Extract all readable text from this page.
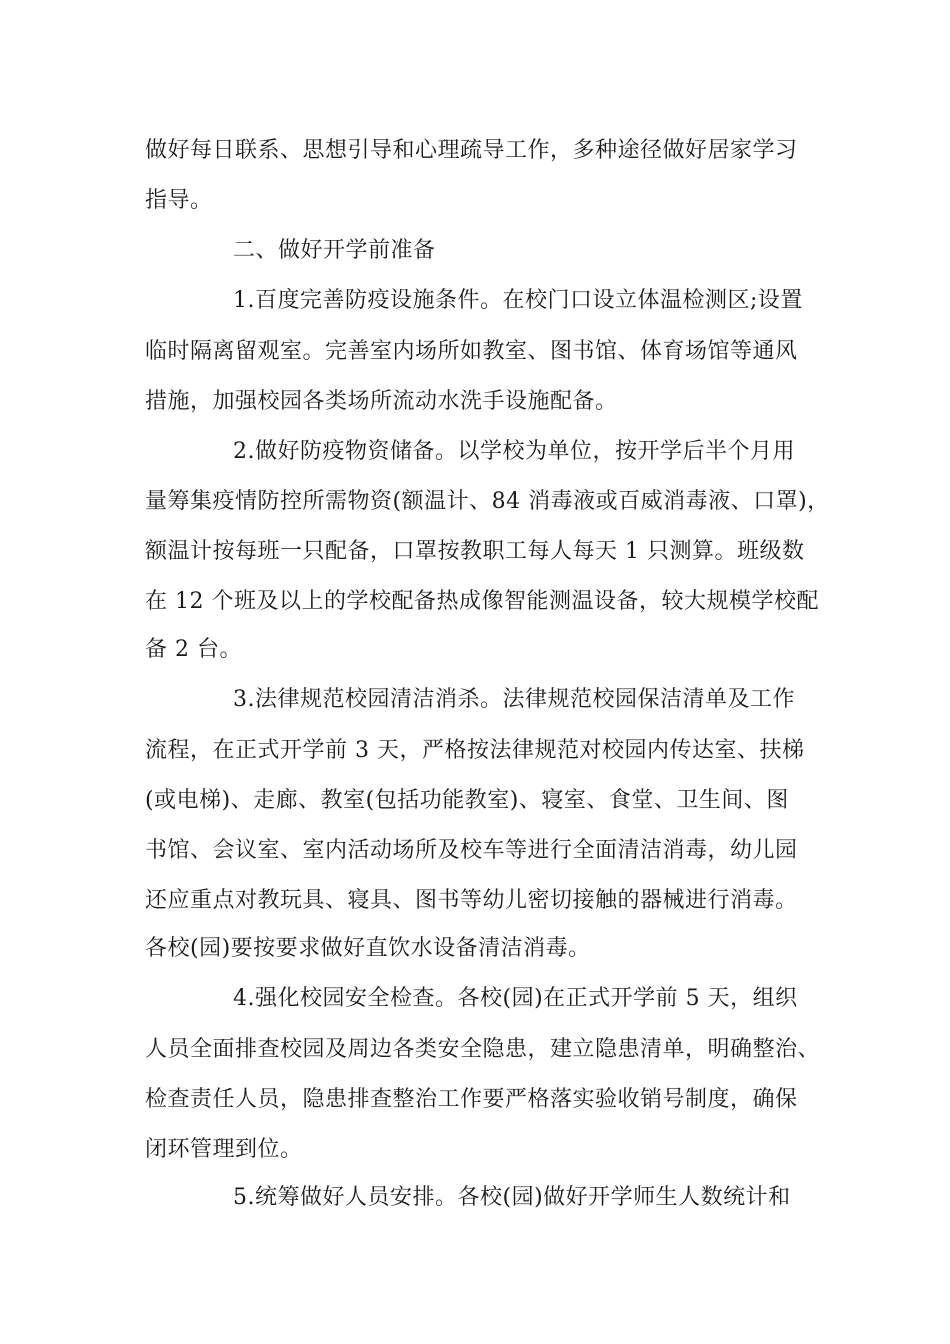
做好每日联系、思想引导和心理疏导工作，多种途径做好居家学习
指导。
二、做好开学前准备
1.百度完善防疫设施条件。在校门口设立体温检测区;设置
临时隔离留观室。完善室内场所如教室、图书馆、体育场馆等通风
措施，加强校园各类场所流动水洗手设施配备。
2.做好防疫物资储备。以学校为单位，按开学后半个月用
量筹集疫情防控所需物资(额温计、84 消毒液或百威消毒液、口罩)，
额温计按每班一只配备，口罩按教职工每人每天 1 只测算。班级数
在 12 个班及以上的学校配备热成像智能测温设备，较大规模学校配
备 2 台。
3.法律规范校园清洁消杀。法律规范校园保洁清单及工作
流程，在正式开学前 3 天，严格按法律规范对校园内传达室、扶梯
(或电梯)、走廊、教室(包括功能教室)、寝室、食堂、卫生间、图
书馆、会议室、室内活动场所及校车等进行全面清洁消毒，幼儿园
还应重点对教玩具、寝具、图书等幼儿密切接触的器械进行消毒。
各校(园)要按要求做好直饮水设备清洁消毒。
4.强化校园安全检查。各校(园)在正式开学前 5 天，组织
人员全面排查校园及周边各类安全隐患，建立隐患清单，明确整治、
检查责任人员，隐患排查整治工作要严格落实验收销号制度，确保
闭环管理到位。
5.统筹做好人员安排。各校(园)做好开学师生人数统计和
